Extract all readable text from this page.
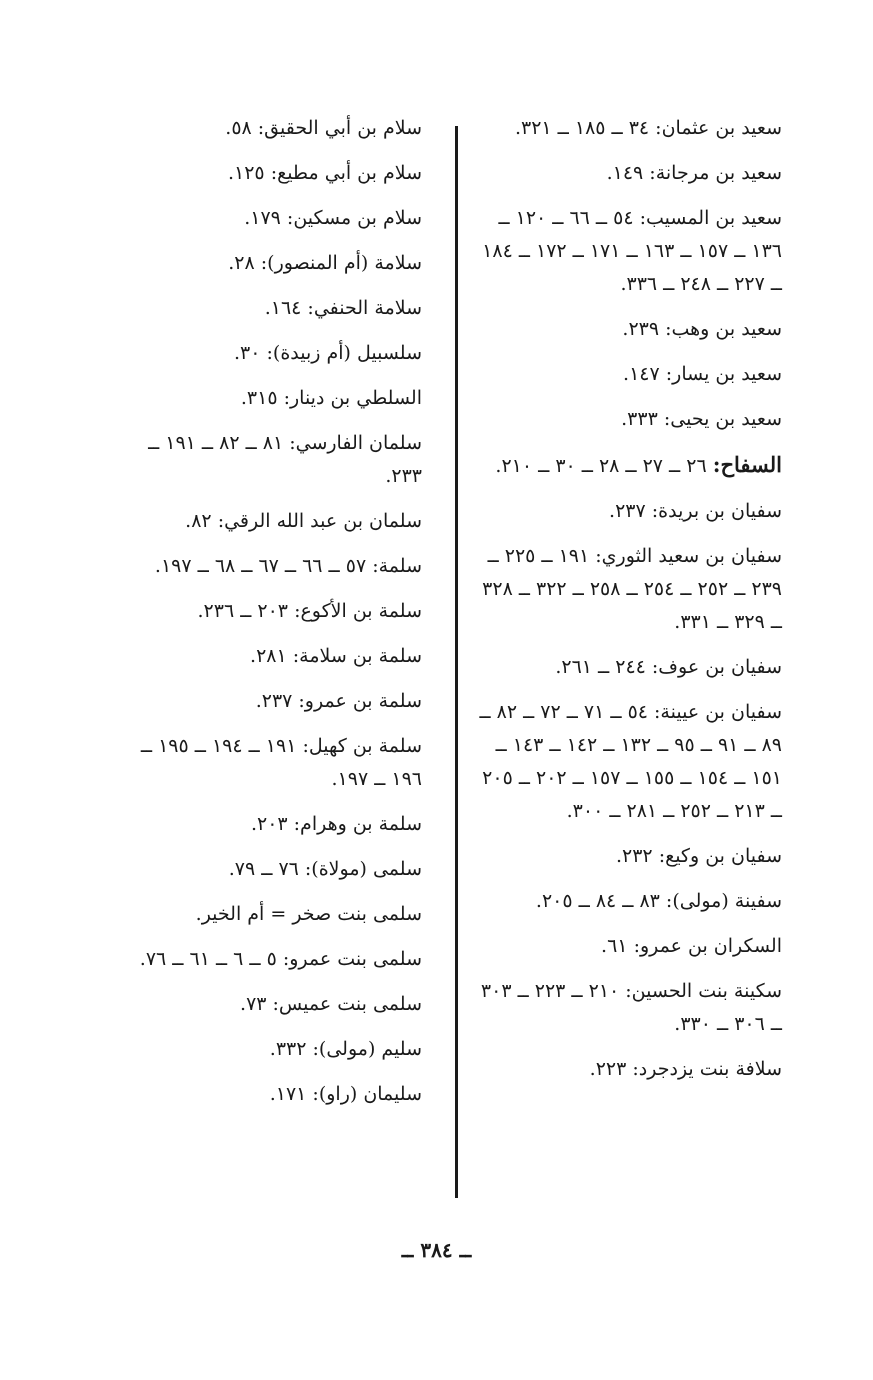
سعيد بن عثمان: ٣٤ ــ ١٨٥ ــ ٣٢١.
سعيد بن مرجانة: ١٤٩.
سعيد بن المسيب: ٥٤ ــ ٦٦ ــ ١٢٠ ــ ١٣٦ ــ ١٥٧ ــ ١٦٣ ــ ١٧١ ــ ١٧٢ ــ ١٨٤ ــ ٢٢٧ ــ ٢٤٨ ــ ٣٣٦.
سعيد بن وهب: ٢٣٩.
سعيد بن يسار: ١٤٧.
سعيد بن يحيى: ٣٣٣.
السفاح: ٢٦ ــ ٢٧ ــ ٢٨ ــ ٣٠ ــ ٢١٠.
سفيان بن بريدة: ٢٣٧.
سفيان بن سعيد الثوري: ١٩١ ــ ٢٢٥ ــ ٢٣٩ ــ ٢٥٢ ــ ٢٥٤ ــ ٢٥٨ ــ ٣٢٢ ــ ٣٢٨ ــ ٣٢٩ ــ ٣٣١.
سفيان بن عوف: ٢٤٤ ــ ٢٦١.
سفيان بن عيينة: ٥٤ ــ ٧١ ــ ٧٢ ــ ٨٢ ــ ٨٩ ــ ٩١ ــ ٩٥ ــ ١٣٢ ــ ١٤٢ ــ ١٤٣ ــ ١٥١ ــ ١٥٤ ــ ١٥٥ ــ ١٥٧ ــ ٢٠٢ ــ ٢٠٥ ــ ٢١٣ ــ ٢٥٢ ــ ٢٨١ ــ ٣٠٠.
سفيان بن وكيع: ٢٣٢.
سفينة (مولى): ٨٣ ــ ٨٤ ــ ٢٠٥.
السكران بن عمرو: ٦١.
سكينة بنت الحسين: ٢١٠ ــ ٢٢٣ ــ ٣٠٣ ــ ٣٠٦ ــ ٣٣٠.
سلافة بنت يزدجرد: ٢٢٣.
سلام بن أبي الحقيق: ٥٨.
سلام بن أبي مطيع: ١٢٥.
سلام بن مسكين: ١٧٩.
سلامة (أم المنصور): ٢٨.
سلامة الحنفي: ١٦٤.
سلسبيل (أم زبيدة): ٣٠.
السلطي بن دينار: ٣١٥.
سلمان الفارسي: ٨١ ــ ٨٢ ــ ١٩١ ــ ٢٣٣.
سلمان بن عبد الله الرقي: ٨٢.
سلمة: ٥٧ ــ ٦٦ ــ ٦٧ ــ ٦٨ ــ ١٩٧.
سلمة بن الأكوع: ٢٠٣ ــ ٢٣٦.
سلمة بن سلامة: ٢٨١.
سلمة بن عمرو: ٢٣٧.
سلمة بن كهيل: ١٩١ ــ ١٩٤ ــ ١٩٥ ــ ١٩٦ ــ ١٩٧.
سلمة بن وهرام: ٢٠٣.
سلمى (مولاة): ٧٦ ــ ٧٩.
سلمى بنت صخر = أم الخير.
سلمى بنت عمرو: ٥ ــ ٦ ــ ٦١ ــ ٧٦.
سلمى بنت عميس: ٧٣.
سليم (مولى): ٣٣٢.
سليمان (راو): ١٧١.
ــ ٣٨٤ ــ
